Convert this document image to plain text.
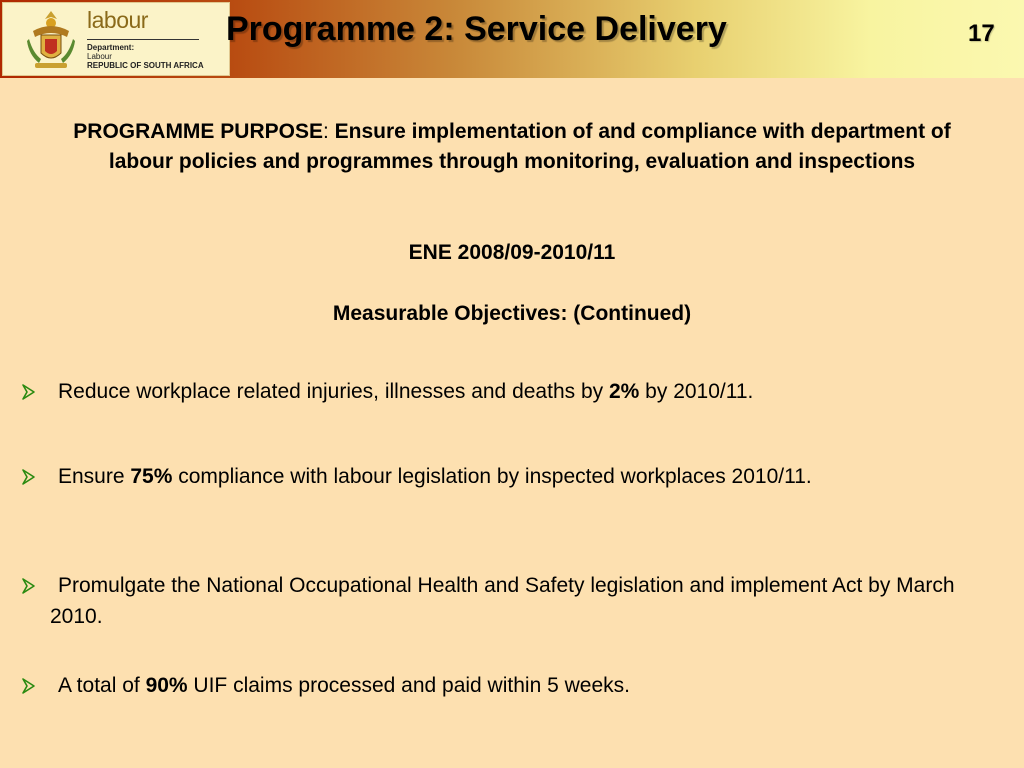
labour
Department:
Labour
REPUBLIC OF SOUTH AFRICA
Programme 2: Service Delivery	17
PROGRAMME PURPOSE: Ensure implementation of and compliance with department of labour policies and programmes through monitoring, evaluation and inspections
ENE 2008/09-2010/11
Measurable Objectives: (Continued)
Reduce workplace related injuries, illnesses and deaths by 2% by 2010/11.
Ensure 75% compliance with labour legislation by inspected workplaces 2010/11.
Promulgate the National Occupational Health and Safety legislation and implement Act by March 2010.
A total of 90% UIF claims processed and paid within 5 weeks.
